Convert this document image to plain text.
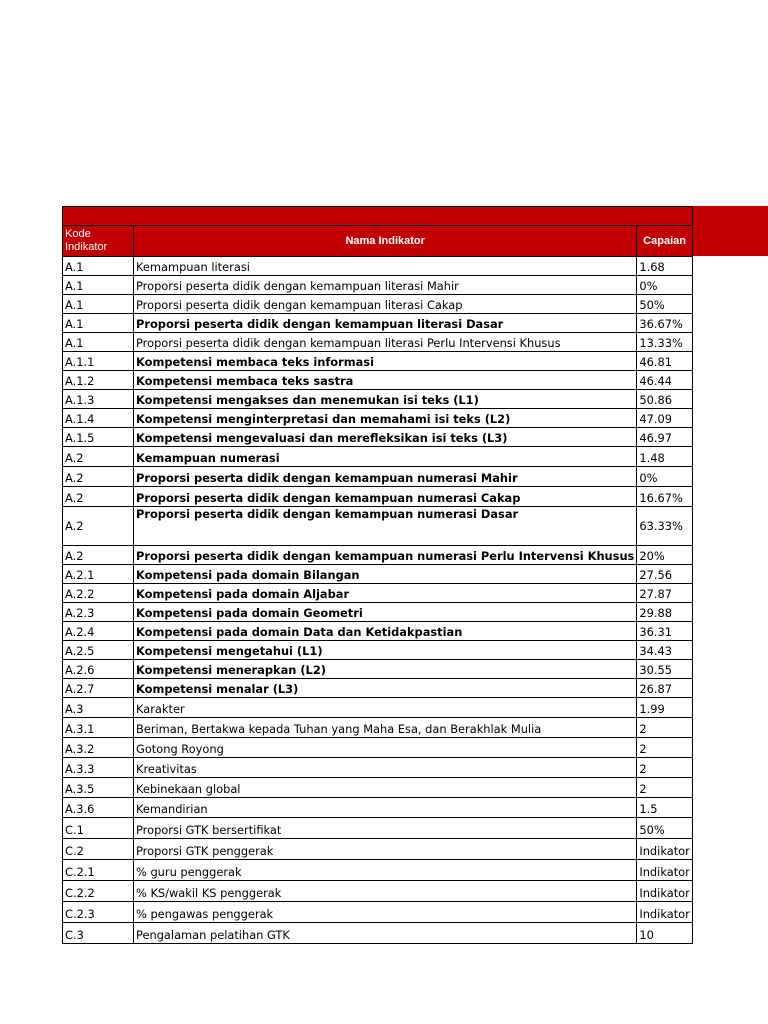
Kode Indikator	Nama Indikator	Capaian
A.1	Kemampuan literasi	1.68
A.1	Proporsi peserta didik dengan kemampuan literasi Mahir	0%
A.1	Proporsi peserta didik dengan kemampuan literasi Cakap	50%
A.1	Proporsi peserta didik dengan kemampuan literasi Dasar	36.67%
A.1	Proporsi peserta didik dengan kemampuan literasi Perlu Intervensi Khusus	13.33%
A.1.1	Kompetensi membaca teks informasi	46.81
A.1.2	Kompetensi membaca teks sastra	46.44
A.1.3	Kompetensi mengakses dan menemukan isi teks (L1)	50.86
A.1.4	Kompetensi menginterpretasi dan memahami isi teks (L2)	47.09
A.1.5	Kompetensi mengevaluasi dan merefleksikan isi teks (L3)	46.97
A.2	Kemampuan numerasi	1.48
A.2	Proporsi peserta didik dengan kemampuan numerasi Mahir	0%
A.2	Proporsi peserta didik dengan kemampuan numerasi Cakap	16.67%
A.2	Proporsi peserta didik dengan kemampuan numerasi Dasar	63.33%
A.2	Proporsi peserta didik dengan kemampuan numerasi Perlu Intervensi Khusus	20%
A.2.1	Kompetensi pada domain Bilangan	27.56
A.2.2	Kompetensi pada domain Aljabar	27.87
A.2.3	Kompetensi pada domain Geometri	29.88
A.2.4	Kompetensi pada domain Data dan Ketidakpastian	36.31
A.2.5	Kompetensi mengetahui (L1)	34.43
A.2.6	Kompetensi menerapkan (L2)	30.55
A.2.7	Kompetensi menalar (L3)	26.87
A.3	Karakter	1.99
A.3.1	Beriman, Bertakwa kepada Tuhan yang Maha Esa, dan Berakhlak Mulia	2
A.3.2	Gotong Royong	2
A.3.3	Kreativitas	2
A.3.5	Kebinekaan global	2
A.3.6	Kemandirian	1.5
C.1	Proporsi GTK bersertifikat	50%
C.2	Proporsi GTK penggerak	Indikator
C.2.1	% guru penggerak	Indikator
C.2.2	% KS/wakil KS penggerak	Indikator
C.2.3	% pengawas penggerak	Indikator
C.3	Pengalaman pelatihan GTK	10
